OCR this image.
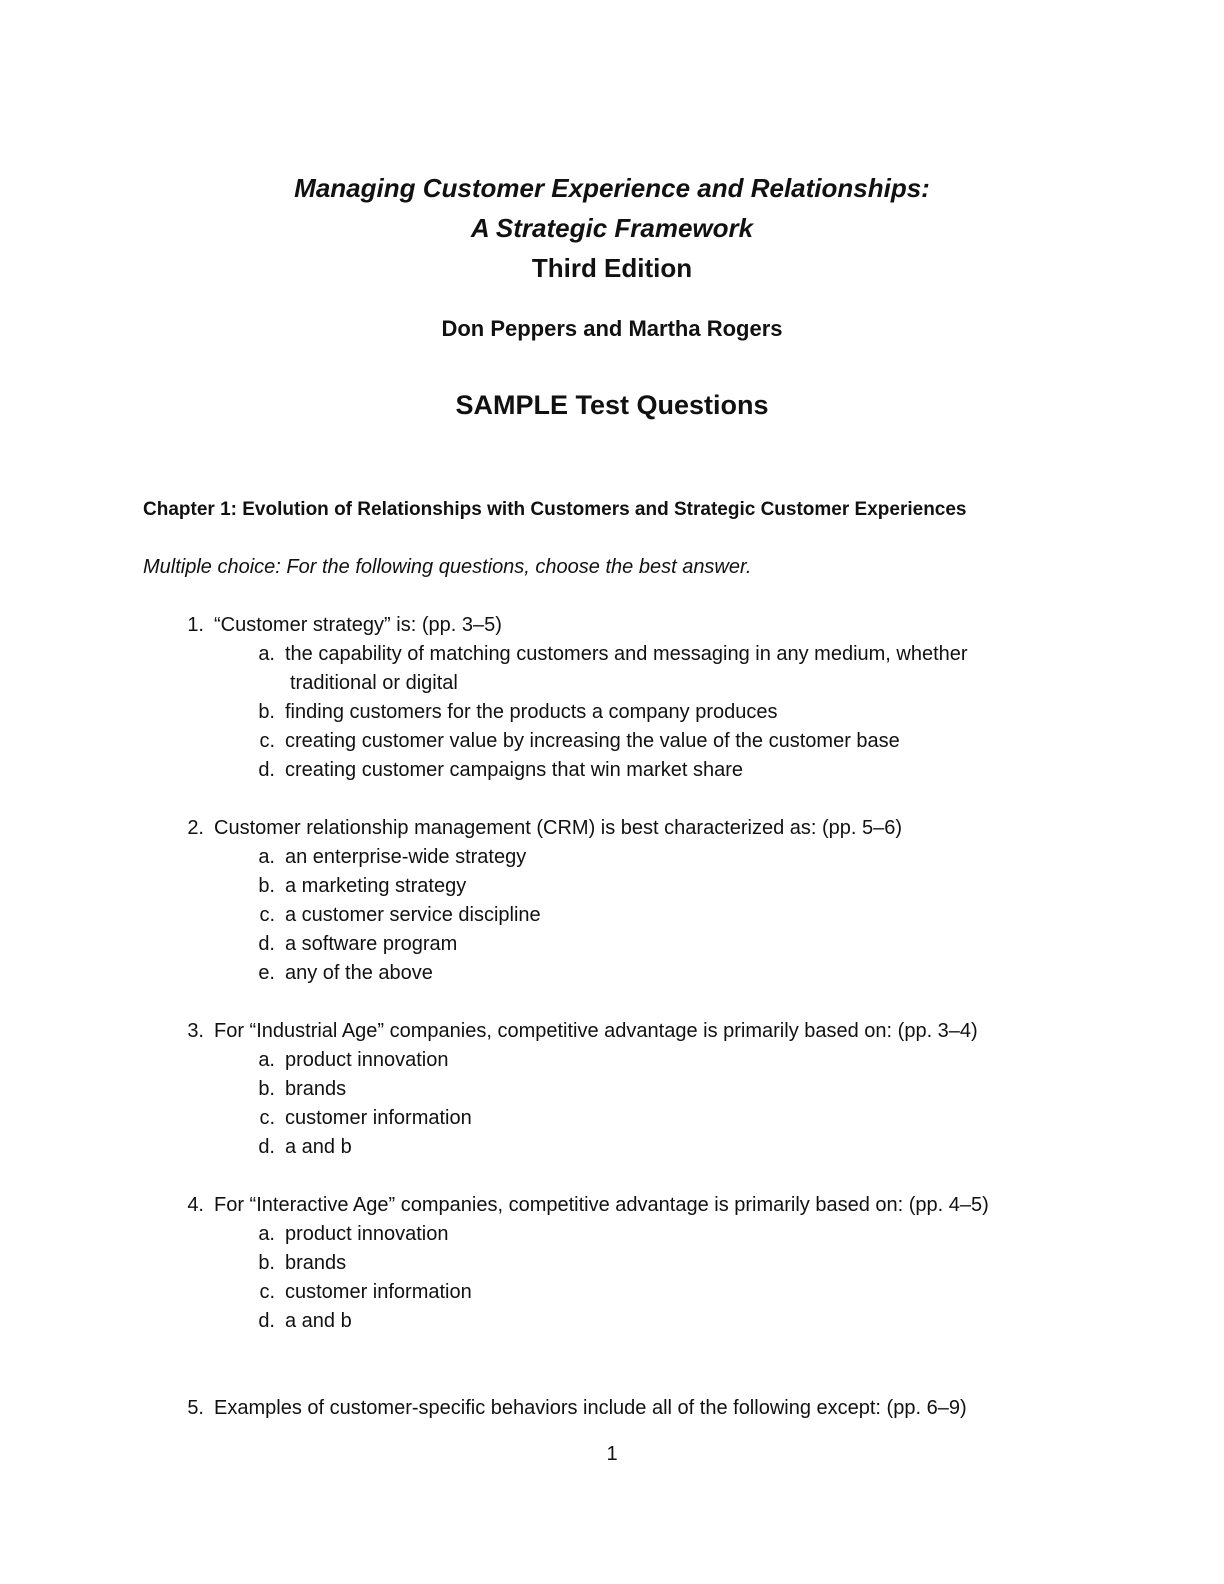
Managing Customer Experience and Relationships:

A Strategic Framework

Third Edition

Don Peppers and Martha Rogers
SAMPLE Test Questions
Chapter 1: Evolution of Relationships with Customers and Strategic Customer Experiences
Multiple choice: For the following questions, choose the best answer.
1. “Customer strategy” is: (pp. 3–5)
a. the capability of matching customers and messaging in any medium, whether
traditional or digital
b. finding customers for the products a company produces
c. creating customer value by increasing the value of the customer base
d. creating customer campaigns that win market share
2. Customer relationship management (CRM) is best characterized as: (pp. 5–6)
a. an enterprise-wide strategy
b. a marketing strategy
c. a customer service discipline
d. a software program
e. any of the above
3. For “Industrial Age” companies, competitive advantage is primarily based on: (pp. 3–4)
a. product innovation
b. brands
c. customer information
d. a and b
4. For “Interactive Age” companies, competitive advantage is primarily based on: (pp. 4–5)
a. product innovation
b. brands
c. customer information
d. a and b
5. Examples of customer-specific behaviors include all of the following except: (pp. 6–9)
1
